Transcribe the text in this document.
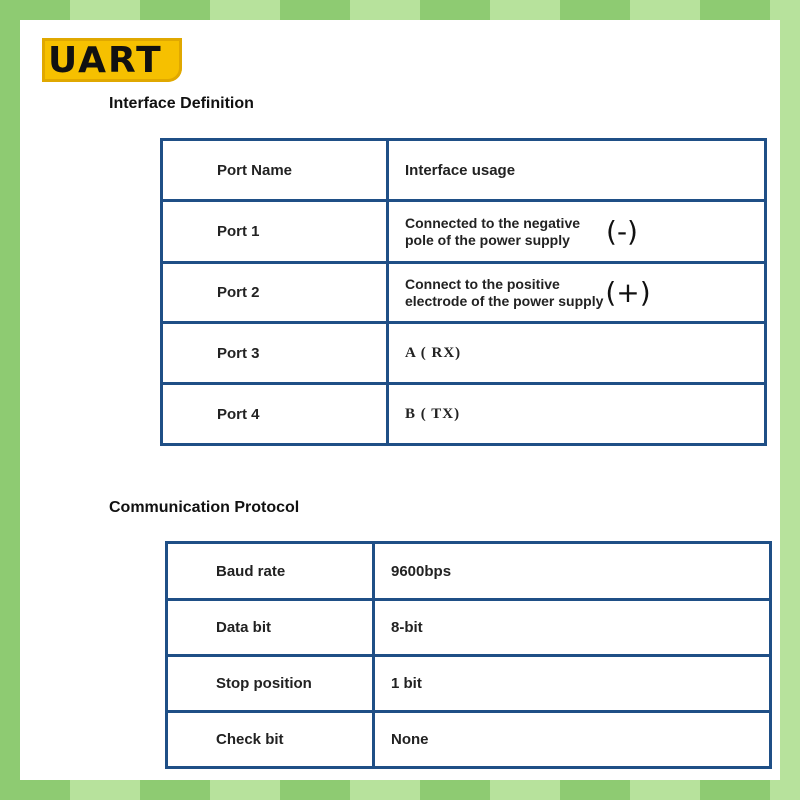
UART
Interface Definition
Port Name	Interface usage
Port 1	Connected to the negative
pole of the power supply (-)

Port 2	Connect to the positive
electrode of the power supply (+)

Port 3	A ( RX)
Port 4	B ( TX)
Communication Protocol
Baud rate	9600bps
Data bit	8-bit
Stop position	1 bit
Check bit	None
